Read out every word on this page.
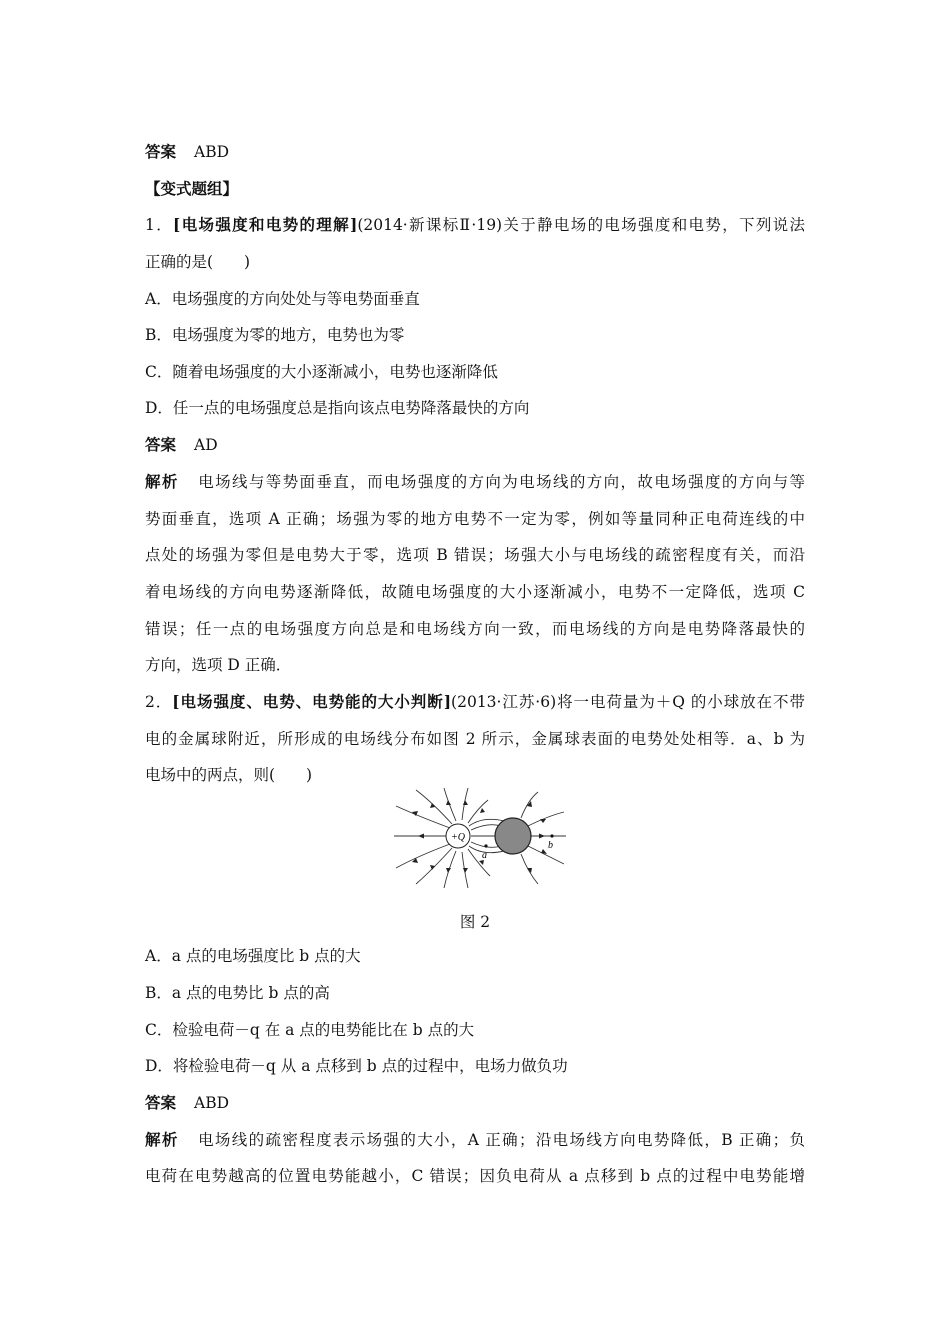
答案 ABD
【变式题组】
1．[电场强度和电势的理解](2014·新课标Ⅱ·19)关于静电场的电场强度和电势，下列说法
正确的是(　　)
A．电场强度的方向处处与等电势面垂直
B．电场强度为零的地方，电势也为零
C．随着电场强度的大小逐渐减小，电势也逐渐降低
D．任一点的电场强度总是指向该点电势降落最快的方向
答案 AD
解析 电场线与等势面垂直，而电场强度的方向为电场线的方向，故电场强度的方向与等
势面垂直，选项 A 正确；场强为零的地方电势不一定为零，例如等量同种正电荷连线的中
点处的场强为零但是电势大于零，选项 B 错误；场强大小与电场线的疏密程度有关，而沿
着电场线的方向电势逐渐降低，故随电场强度的大小逐渐减小，电势不一定降低，选项 C
错误；任一点的电场强度方向总是和电场线方向一致，而电场线的方向是电势降落最快的
方向，选项 D 正确．
2．[电场强度、电势、电势能的大小判断](2013·江苏·6)将一电荷量为＋Q 的小球放在不带
电的金属球附近，所形成的电场线分布如图 2 所示，金属球表面的电势处处相等．a、b 为
电场中的两点，则(　　)
+Q
a
b
图 2
A．a 点的电场强度比 b 点的大
B．a 点的电势比 b 点的高
C．检验电荷－q 在 a 点的电势能比在 b 点的大
D．将检验电荷－q 从 a 点移到 b 点的过程中，电场力做负功
答案 ABD
解析 电场线的疏密程度表示场强的大小，A 正确；沿电场线方向电势降低，B 正确；负
电荷在电势越高的位置电势能越小，C 错误；因负电荷从 a 点移到 b 点的过程中电势能增
